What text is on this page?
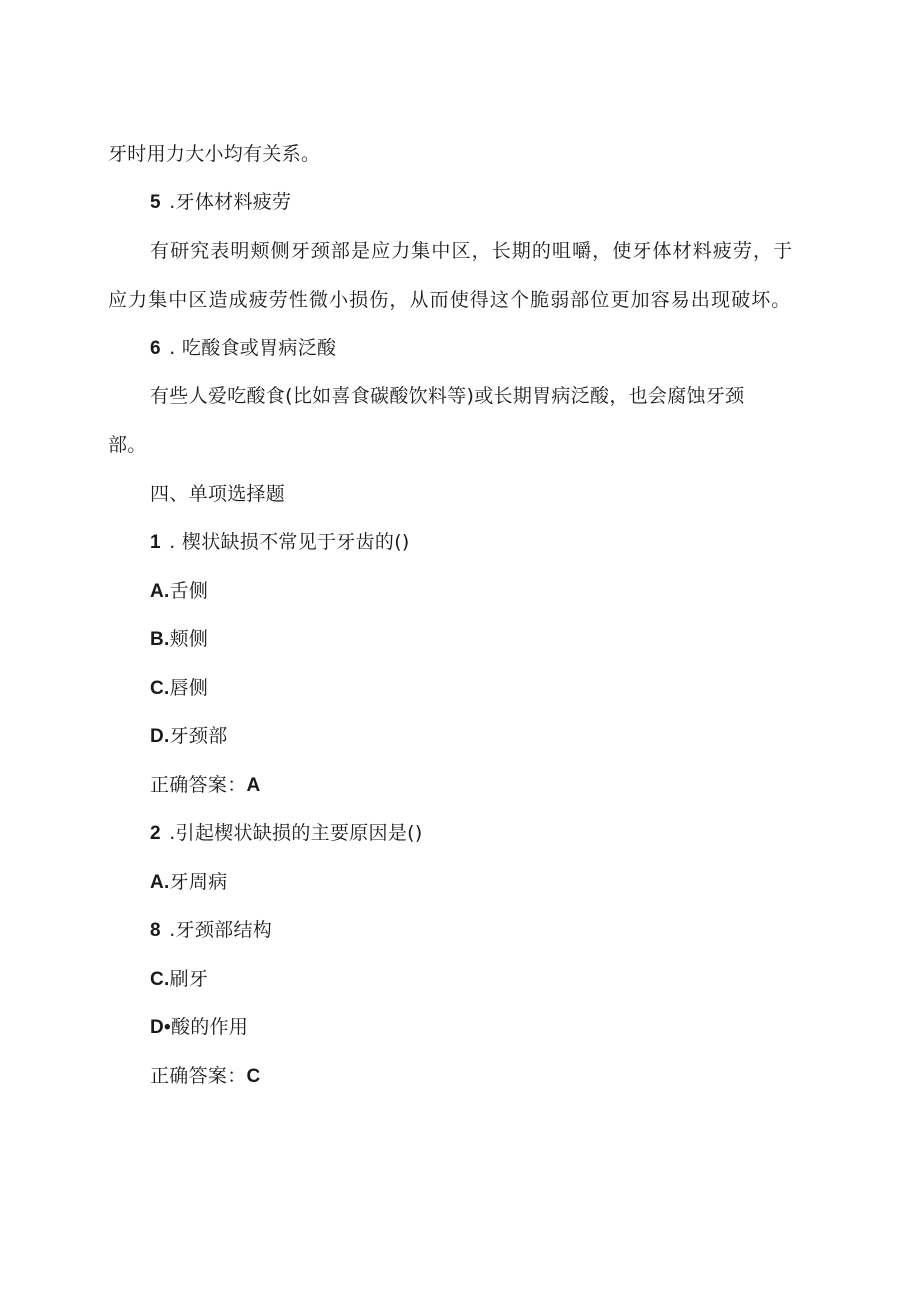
牙时用力大小均有关系。
5 .牙体材料疲劳
有研究表明颊侧牙颈部是应力集中区，长期的咀嚼，使牙体材料疲劳，于
应力集中区造成疲劳性微小损伤，从而使得这个脆弱部位更加容易出现破坏。
6 . 吃酸食或胃病泛酸
有些人爱吃酸食(比如喜食碳酸饮料等)或长期胃病泛酸，也会腐蚀牙颈
部。
四、单项选择题
1 . 楔状缺损不常见于牙齿的()
A.舌侧
B.颊侧
C.唇侧
D.牙颈部
正确答案：A
2 .引起楔状缺损的主要原因是()
A.牙周病
8 .牙颈部结构
C.刷牙
D•酸的作用
正确答案：C
